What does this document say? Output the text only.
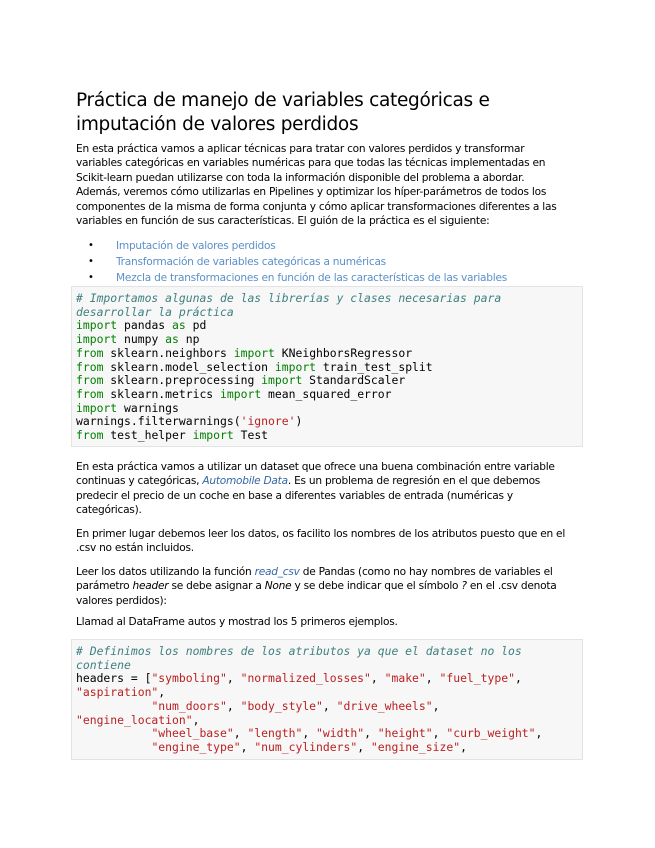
Práctica de manejo de variables categóricas e imputación de valores perdidos
En esta práctica vamos a aplicar técnicas para tratar con valores perdidos y transformar
variables categóricas en variables numéricas para que todas las técnicas implementadas en
Scikit-learn puedan utilizarse con toda la información disponible del problema a abordar.
Además, veremos cómo utilizarlas en Pipelines y optimizar los híper-parámetros de todos los
componentes de la misma de forma conjunta y cómo aplicar transformaciones diferentes a las
variables en función de sus características. El guión de la práctica es el siguiente:
• Imputación de valores perdidos
• Transformación de variables categóricas a numéricas
• Mezcla de transformaciones en función de las características de las variables
# Importamos algunas de las librerías y clases necesarias para
desarrollar la práctica
import pandas as pd
import numpy as np
from sklearn.neighbors import KNeighborsRegressor
from sklearn.model_selection import train_test_split
from sklearn.preprocessing import StandardScaler
from sklearn.metrics import mean_squared_error
import warnings
warnings.filterwarnings('ignore')
from test_helper import Test
En esta práctica vamos a utilizar un dataset que ofrece una buena combinación entre variable
continuas y categóricas, Automobile Data. Es un problema de regresión en el que debemos
predecir el precio de un coche en base a diferentes variables de entrada (numéricas y
categóricas).
En primer lugar debemos leer los datos, os facilito los nombres de los atributos puesto que en el
.csv no están incluidos.
Leer los datos utilizando la función read_csv de Pandas (como no hay nombres de variables el
parámetro header se debe asignar a None y se debe indicar que el símbolo ? en el .csv denota
valores perdidos):
Llamad al DataFrame autos y mostrad los 5 primeros ejemplos.
# Definimos los nombres de los atributos ya que el dataset no los
contiene
headers = ["symboling", "normalized_losses", "make", "fuel_type",
"aspiration",
"num_doors", "body_style", "drive_wheels",
"engine_location",
"wheel_base", "length", "width", "height", "curb_weight",
"engine_type", "num_cylinders", "engine_size",
